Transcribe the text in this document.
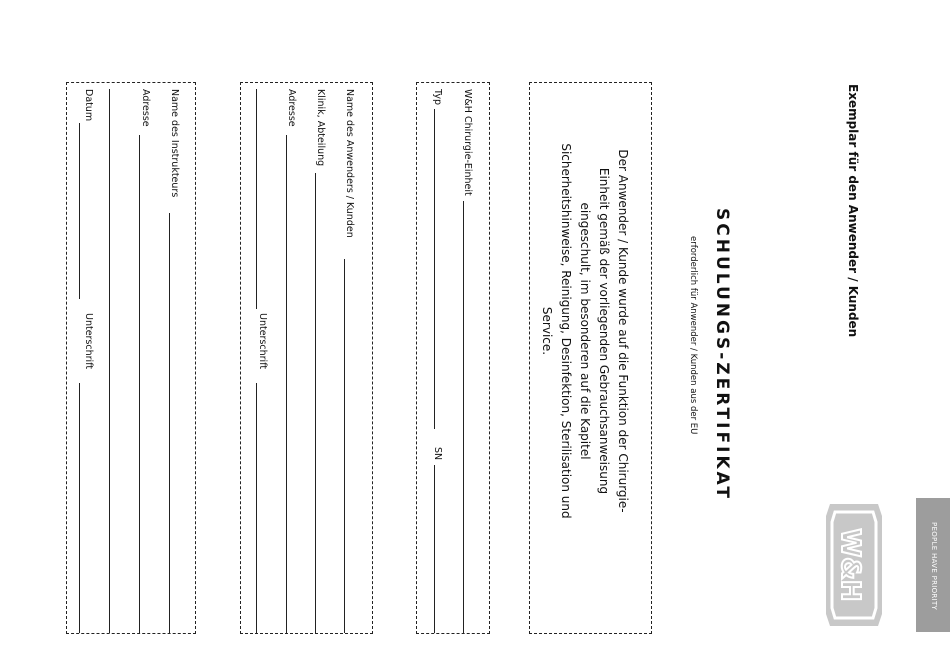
Exemplar für den Anwender / Kunden
SCHULUNGS-ZERTIFIKAT
erforderlich für Anwender / Kunden aus der EU
Der Anwender / Kunde wurde auf die Funktion der Chirurgie-Einheit gemäß der vorliegenden Gebrauchsanweisung eingeschult, im besonderen auf die Kapitel Sicherheitshinweise, Reinigung, Desinfektion, Sterilisation und Service.
W&H Chirurgie-Einheit
Typ
SN
Name des Anwenders / Kunden
Klinik, Abteilung
Adresse
Unterschrift
Name des Instrukteurs
Adresse
Datum
Unterschrift
PEOPLE HAVE PRIORITY
W&H
